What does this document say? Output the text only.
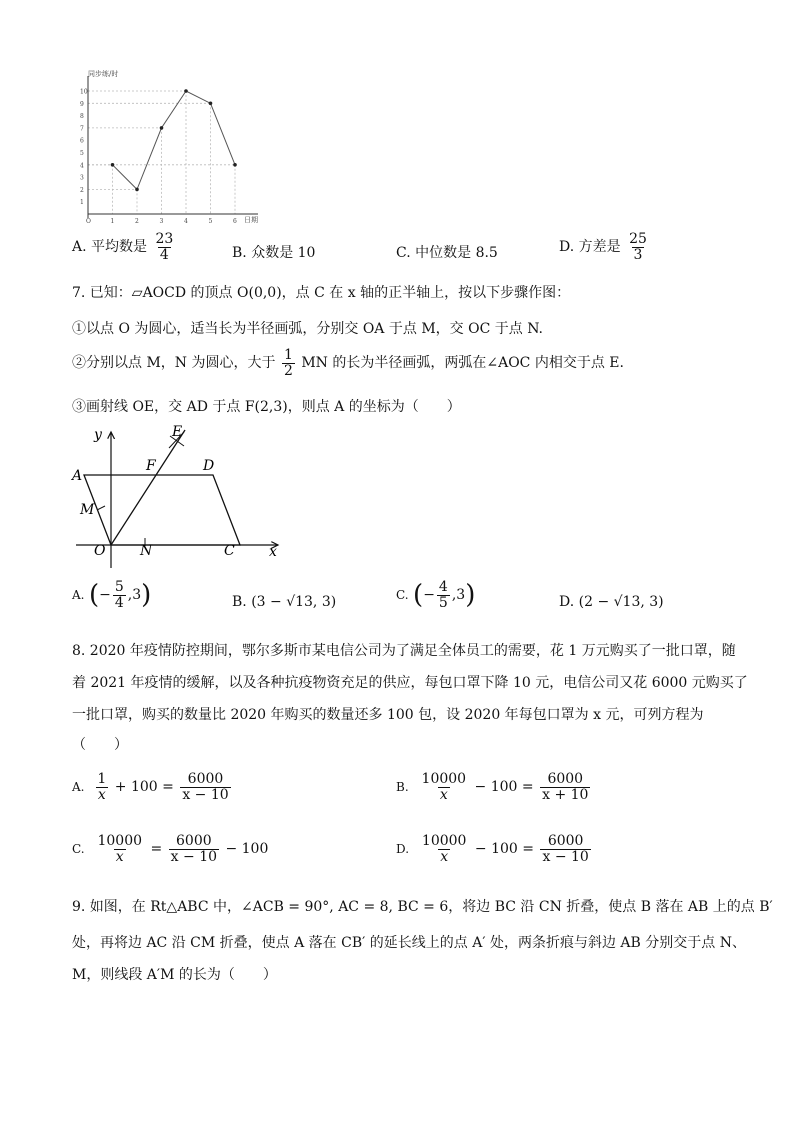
同步练/时
日期
10
9
8
7
6
5
4
3
2
1
O	1	2	3	4	5	6
A. 平均数是 $\frac{23}{4}$	B. 众数是 10	C. 中位数是 8.5	D. 方差是 $\frac{25}{3}$
7. 已知：▱AOCD 的顶点 O(0,0)，点 C 在 x 轴的正半轴上，按以下步骤作图：
①以点 O 为圆心，适当长为半径画弧，分别交 OA 于点 M，交 OC 于点 N.
②分别以点 M，N 为圆心，大于 $\frac{1}{2}$ MN 的长为半径画弧，两弧在∠AOC 内相交于点 E.
③画射线 OE，交 AD 于点 F(2,3)，则点 A 的坐标为（　　）
y
x
E
F	D
A
M
O N	C
A. (− $\frac{5}{4} ,3$)	B. (3 − √13, 3)	C. (− $\frac{4}{5} ,3$)	D. (2 − √13, 3)
8. 2020 年疫情防控期间，鄂尔多斯市某电信公司为了满足全体员工的需要，花 1 万元购买了一批口罩，随
着 2021 年疫情的缓解，以及各种抗疫物资充足的供应，每包口罩下降 10 元，电信公司又花 6000 元购买了
一批口罩，购买的数量比 2020 年购买的数量还多 100 包，设 2020 年每包口罩为 x 元，可列方程为
（　　）
A. $\frac{1}{x} + 100 = \frac{6000}{x - 10}$	B. $\frac{10000}{x} - 100 = \frac{6000}{x + 10}$
C. $\frac{10000}{x} = \frac{6000}{x - 10} - 100$	D. $\frac{10000}{x} - 100 = \frac{6000}{x - 10}$
9. 如图，在 Rt△ABC 中，∠ACB = 90°, AC = 8, BC = 6，将边 BC 沿 CN 折叠，使点 B 落在 AB 上的点 B′
处，再将边 AC 沿 CM 折叠，使点 A 落在 CB′ 的延长线上的点 A′ 处，两条折痕与斜边 AB 分别交于点 N、
M，则线段 A′M 的长为（　　）
